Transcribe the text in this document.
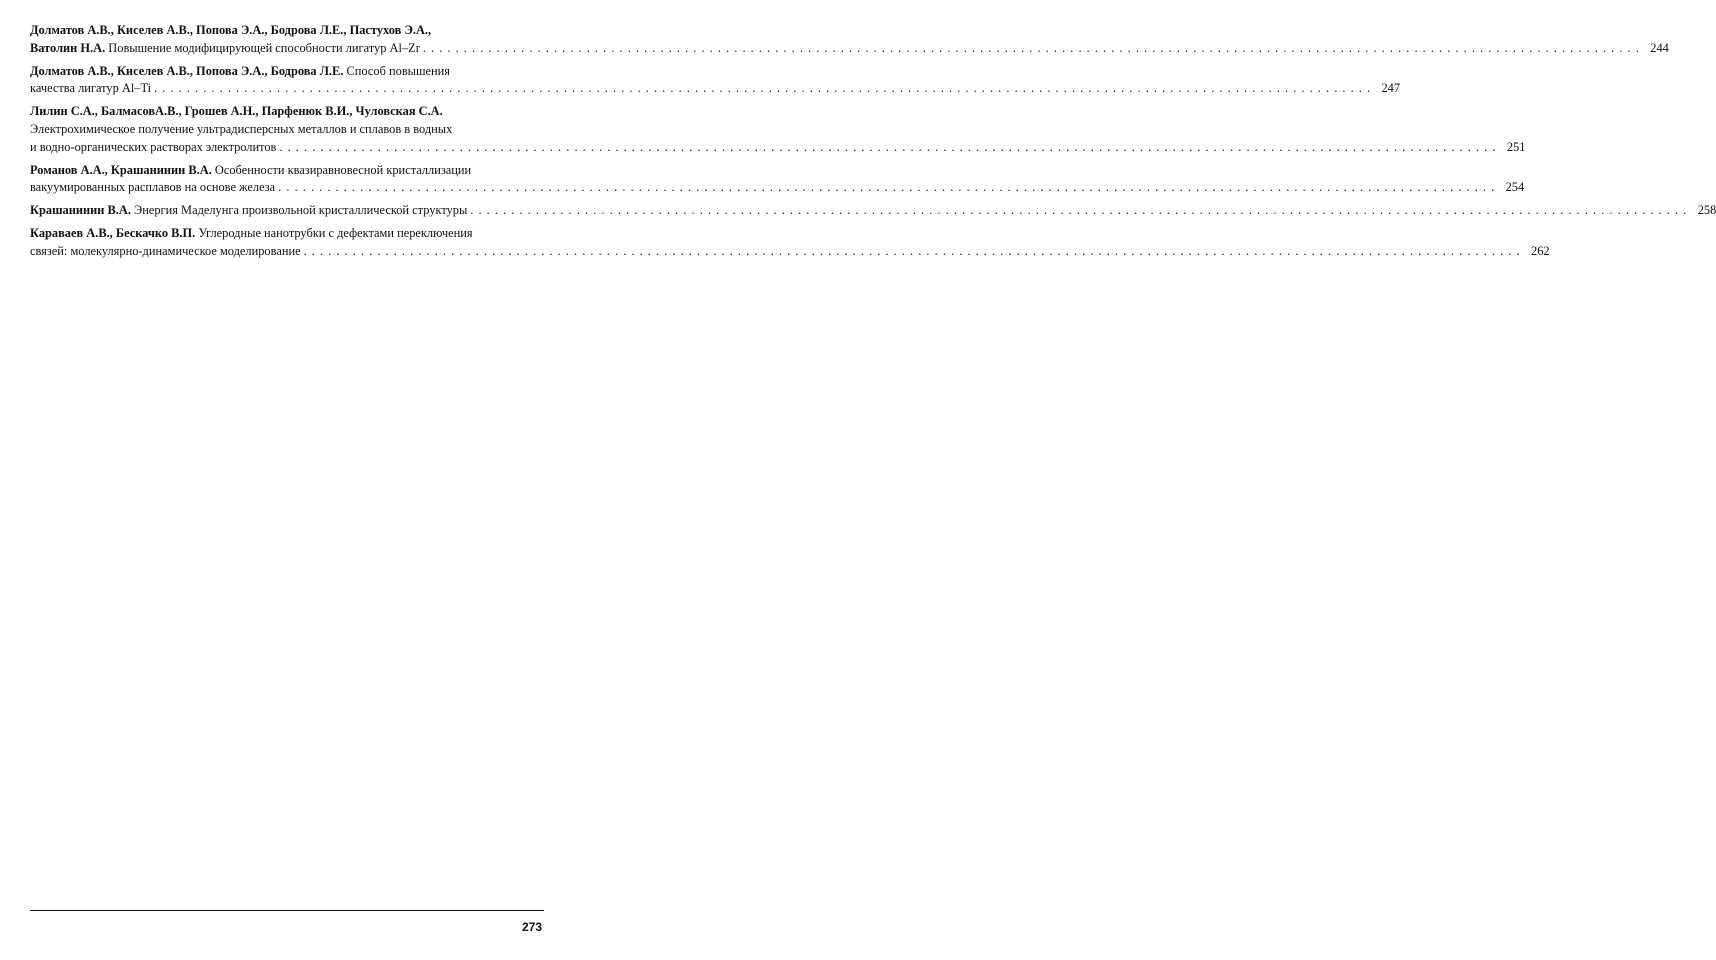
Долматов А.В., Киселев А.В., Попова Э.А., Бодрова Л.Е., Пастухов Э.А.,
Ватолин Н.А. Повышение модифицирующей способности лигатур Al–Zr . . .	244
Долматов А.В., Киселев А.В., Попова Э.А., Бодрова Л.Е. Способ повышения
качества лигатур Al–Ti . . .	247
Лилин С.А., БалмасовА.В., Грошев А.Н., Парфенюк В.И., Чуловская С.А.
Электрохимическое получение ультрадисперсных металлов и сплавов в водных
и водно-органических растворах электролитов . . .	251
Романов А.А., Крашанинин В.А. Особенности квазиравновесной кристаллизации
вакуумированных расплавов на основе железа . . .	254
Крашанинин В.А. Энергия Маделунга произвольной кристаллической структуры . . .	258
Караваев А.В., Бескачко В.П. Углеродные нанотрубки с дефектами переключения
связей: молекулярно-динамическое моделирование . . .	262
273
